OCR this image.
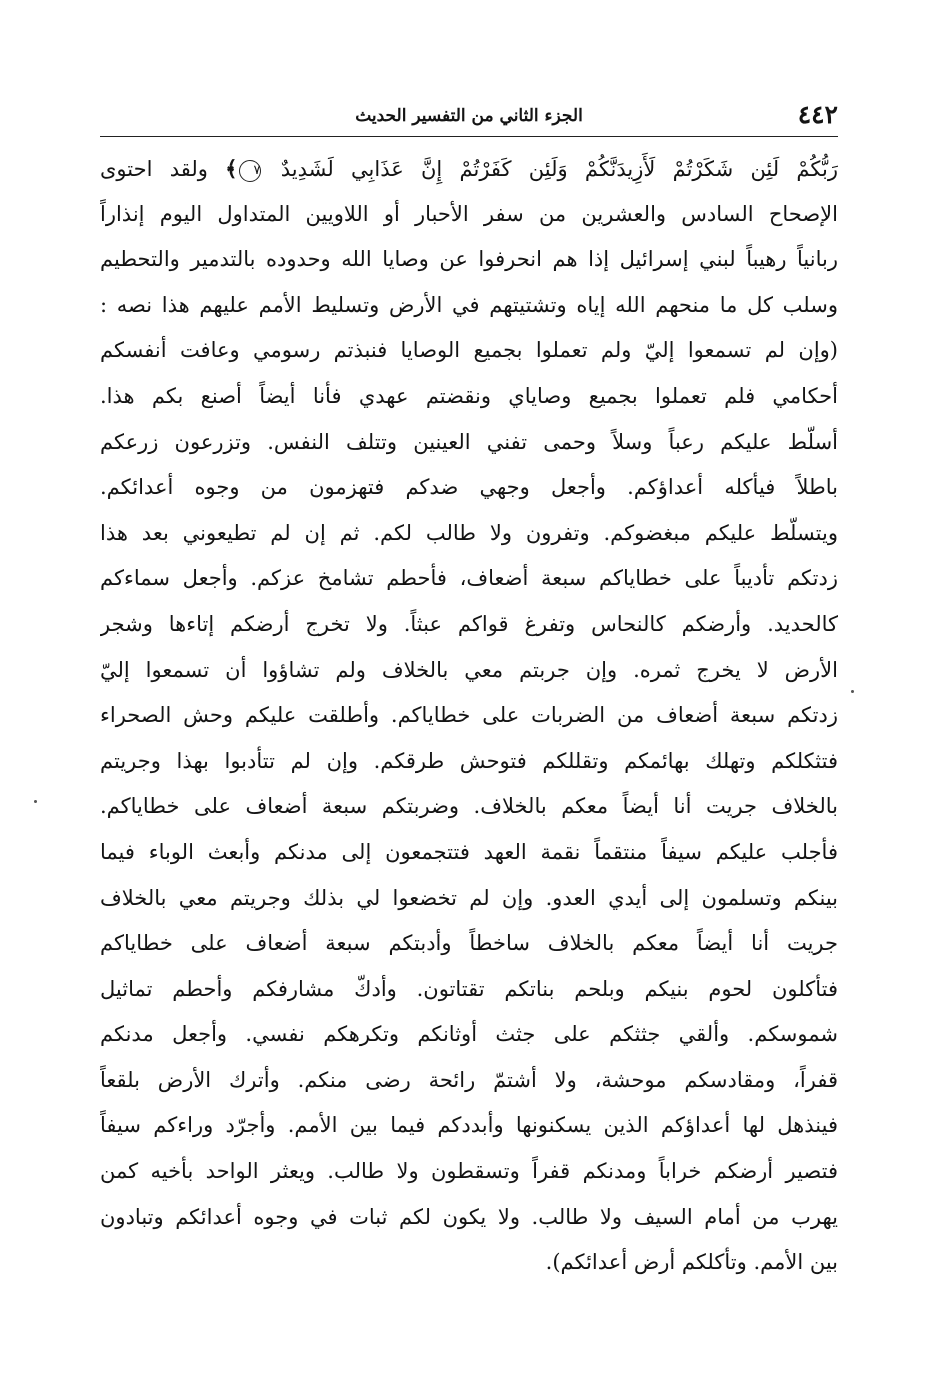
٤٤٢
الجزء الثاني من التفسير الحديث
رَبُّكُمْ لَئِن شَكَرْتُمْ لَأَزِيدَنَّكُمْ وَلَئِن كَفَرْتُمْ إِنَّ عَذَابِي لَشَدِيدٌ ٧﴾ ولقد احتوى
الإصحاح السادس والعشرين من سفر الأحبار أو اللاويين المتداول اليوم إنذاراً
ربانياً رهيباً لبني إسرائيل إذا هم انحرفوا عن وصايا الله وحدوده بالتدمير والتحطيم
وسلب كل ما منحهم الله إياه وتشتيتهم في الأرض وتسليط الأمم عليهم هذا نصه :
(وإن لم تسمعوا إليّ ولم تعملوا بجميع الوصايا فنبذتم رسومي وعافت أنفسكم
أحكامي فلم تعملوا بجميع وصاياي ونقضتم عهدي فأنا أيضاً أصنع بكم هذا.
أسلّط عليكم رعباً وسلاً وحمى تفني العينين وتتلف النفس. وتزرعون زرعكم
باطلاً فيأكله أعداؤكم. وأجعل وجهي ضدكم فتهزمون من وجوه أعدائكم.
ويتسلّط عليكم مبغضوكم. وتفرون ولا طالب لكم. ثم إن لم تطيعوني بعد هذا
زدتكم تأديباً على خطاياكم سبعة أضعاف، فأحطم تشامخ عزكم. وأجعل سماءكم
كالحديد. وأرضكم كالنحاس وتفرغ قواكم عبثاً. ولا تخرج أرضكم إتاءها وشجر
الأرض لا يخرج ثمره. وإن جربتم معي بالخلاف ولم تشاؤوا أن تسمعوا إليّ
زدتكم سبعة أضعاف من الضربات على خطاياكم. وأطلقت عليكم وحش الصحراء
فتثكلكم وتهلك بهائمكم وتقللكم فتوحش طرقكم. وإن لم تتأدبوا بهذا وجريتم
بالخلاف جريت أنا أيضاً معكم بالخلاف. وضربتكم سبعة أضعاف على خطاياكم.
فأجلب عليكم سيفاً منتقماً نقمة العهد فتتجمعون إلى مدنكم وأبعث الوباء فيما
بينكم وتسلمون إلى أيدي العدو. وإن لم تخضعوا لي بذلك وجريتم معي بالخلاف
جريت أنا أيضاً معكم بالخلاف ساخطاً وأدبتكم سبعة أضعاف على خطاياكم
فتأكلون لحوم بنيكم وبلحم بناتكم تقتاتون. وأدكّ مشارفكم وأحطم تماثيل
شموسكم. وألقي جثثكم على جثث أوثانكم وتكرهكم نفسي. وأجعل مدنكم
قفراً، ومقادسكم موحشة، ولا أشتمّ رائحة رضى منكم. وأترك الأرض بلقعاً
فينذهل لها أعداؤكم الذين يسكنونها وأبددكم فيما بين الأمم. وأجرّد وراءكم سيفاً
فتصير أرضكم خراباً ومدنكم قفراً وتسقطون ولا طالب. ويعثر الواحد بأخيه كمن
يهرب من أمام السيف ولا طالب. ولا يكون لكم ثبات في وجوه أعدائكم وتبادون
بين الأمم. وتأكلكم أرض أعدائكم).
